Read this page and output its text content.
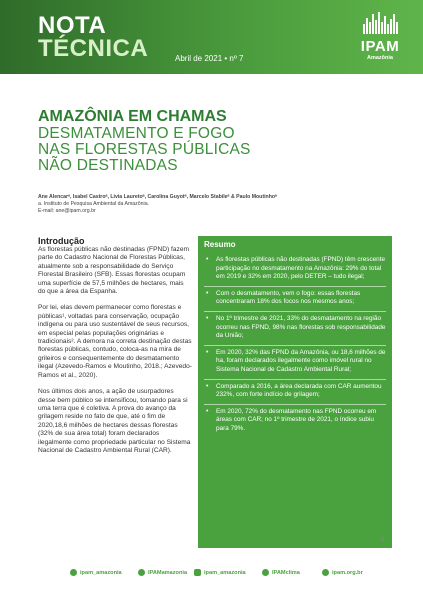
NOTA
TÉCNICA	Abril de 2021 • nº 7
IPAM
Amazônia
AMAZÔNIA EM CHAMAS
DESMATAMENTO E FOGO
NAS FLORESTAS PÚBLICAS
NÃO DESTINADAS
Ane Alencarᵃ, Isabel Castroᵃ, Livia Lauretoᵃ, Carolina Guyotᵃ, Marcelo Stabileᵃ & Paulo Moutinhoᵃ
a. Instituto de Pesquisa Ambiental da Amazônia.
E-mail: ane@ipam.org.br
Introdução

As florestas públicas não destinadas (FPND) fazem parte do Cadastro Nacional de Florestas Públicas, atualmente sob a responsabilidade do Serviço Florestal Brasileiro (SFB). Essas florestas ocupam uma superfície de 57,5 milhões de hectares, mais do que a área da Espanha.

Por lei, elas devem permanecer como florestas e públicas¹, voltadas para conservação, ocupação indígena ou para uso sustentável de seus recursos, em especial pelas populações originárias e tradicionais². A demora na correta destinação destas florestas públicas, contudo, coloca-as na mira de grileiros e consequentemente do desmatamento ilegal (Azevedo-Ramos e Moutinho, 2018.; Azevedo-Ramos et al., 2020).

Nos últimos dois anos, a ação de usurpadores desse bem público se intensificou, tomando para si uma terra que é coletiva. A prova do avanço da grilagem reside no fato de que, até o fim de 2020,18,6 milhões de hectares dessas florestas (32% de sua área total) foram declarados ilegalmente como propriedade particular no Sistema Nacional de Cadastro Ambiental Rural (CAR).

Resumo
• As florestas públicas não destinadas (FPND) têm crescente participação no desmatamento na Amazônia: 29% do total em 2019 e 32% em 2020, pelo DETER – tudo ilegal;
• Com o desmatamento, vem o fogo: essas florestas concentraram 18% dos focos nos mesmos anos;
• No 1º trimestre de 2021, 33% do desmatamento na região ocorreu nas FPND, 98% nas florestas sob responsabilidade da União;
• Em 2020, 32% das FPND da Amazônia, ou 18,6 milhões de ha, foram declarados ilegalmente como imóvel rural no Sistema Nacional de Cadastro Ambiental Rural;
• Comparado a 2016, a área declarada com CAR aumentou 232%, com forte indício de grilagem;
• Em 2020, 72% do desmatamento nas FPND ocorreu em áreas com CAR; no 1º trimestre de 2021, o índice subiu para 79%.
1
ipam_amazonia	IPAMamazonia	ipam_amazonia	IPAMclima	ipam.org.br
